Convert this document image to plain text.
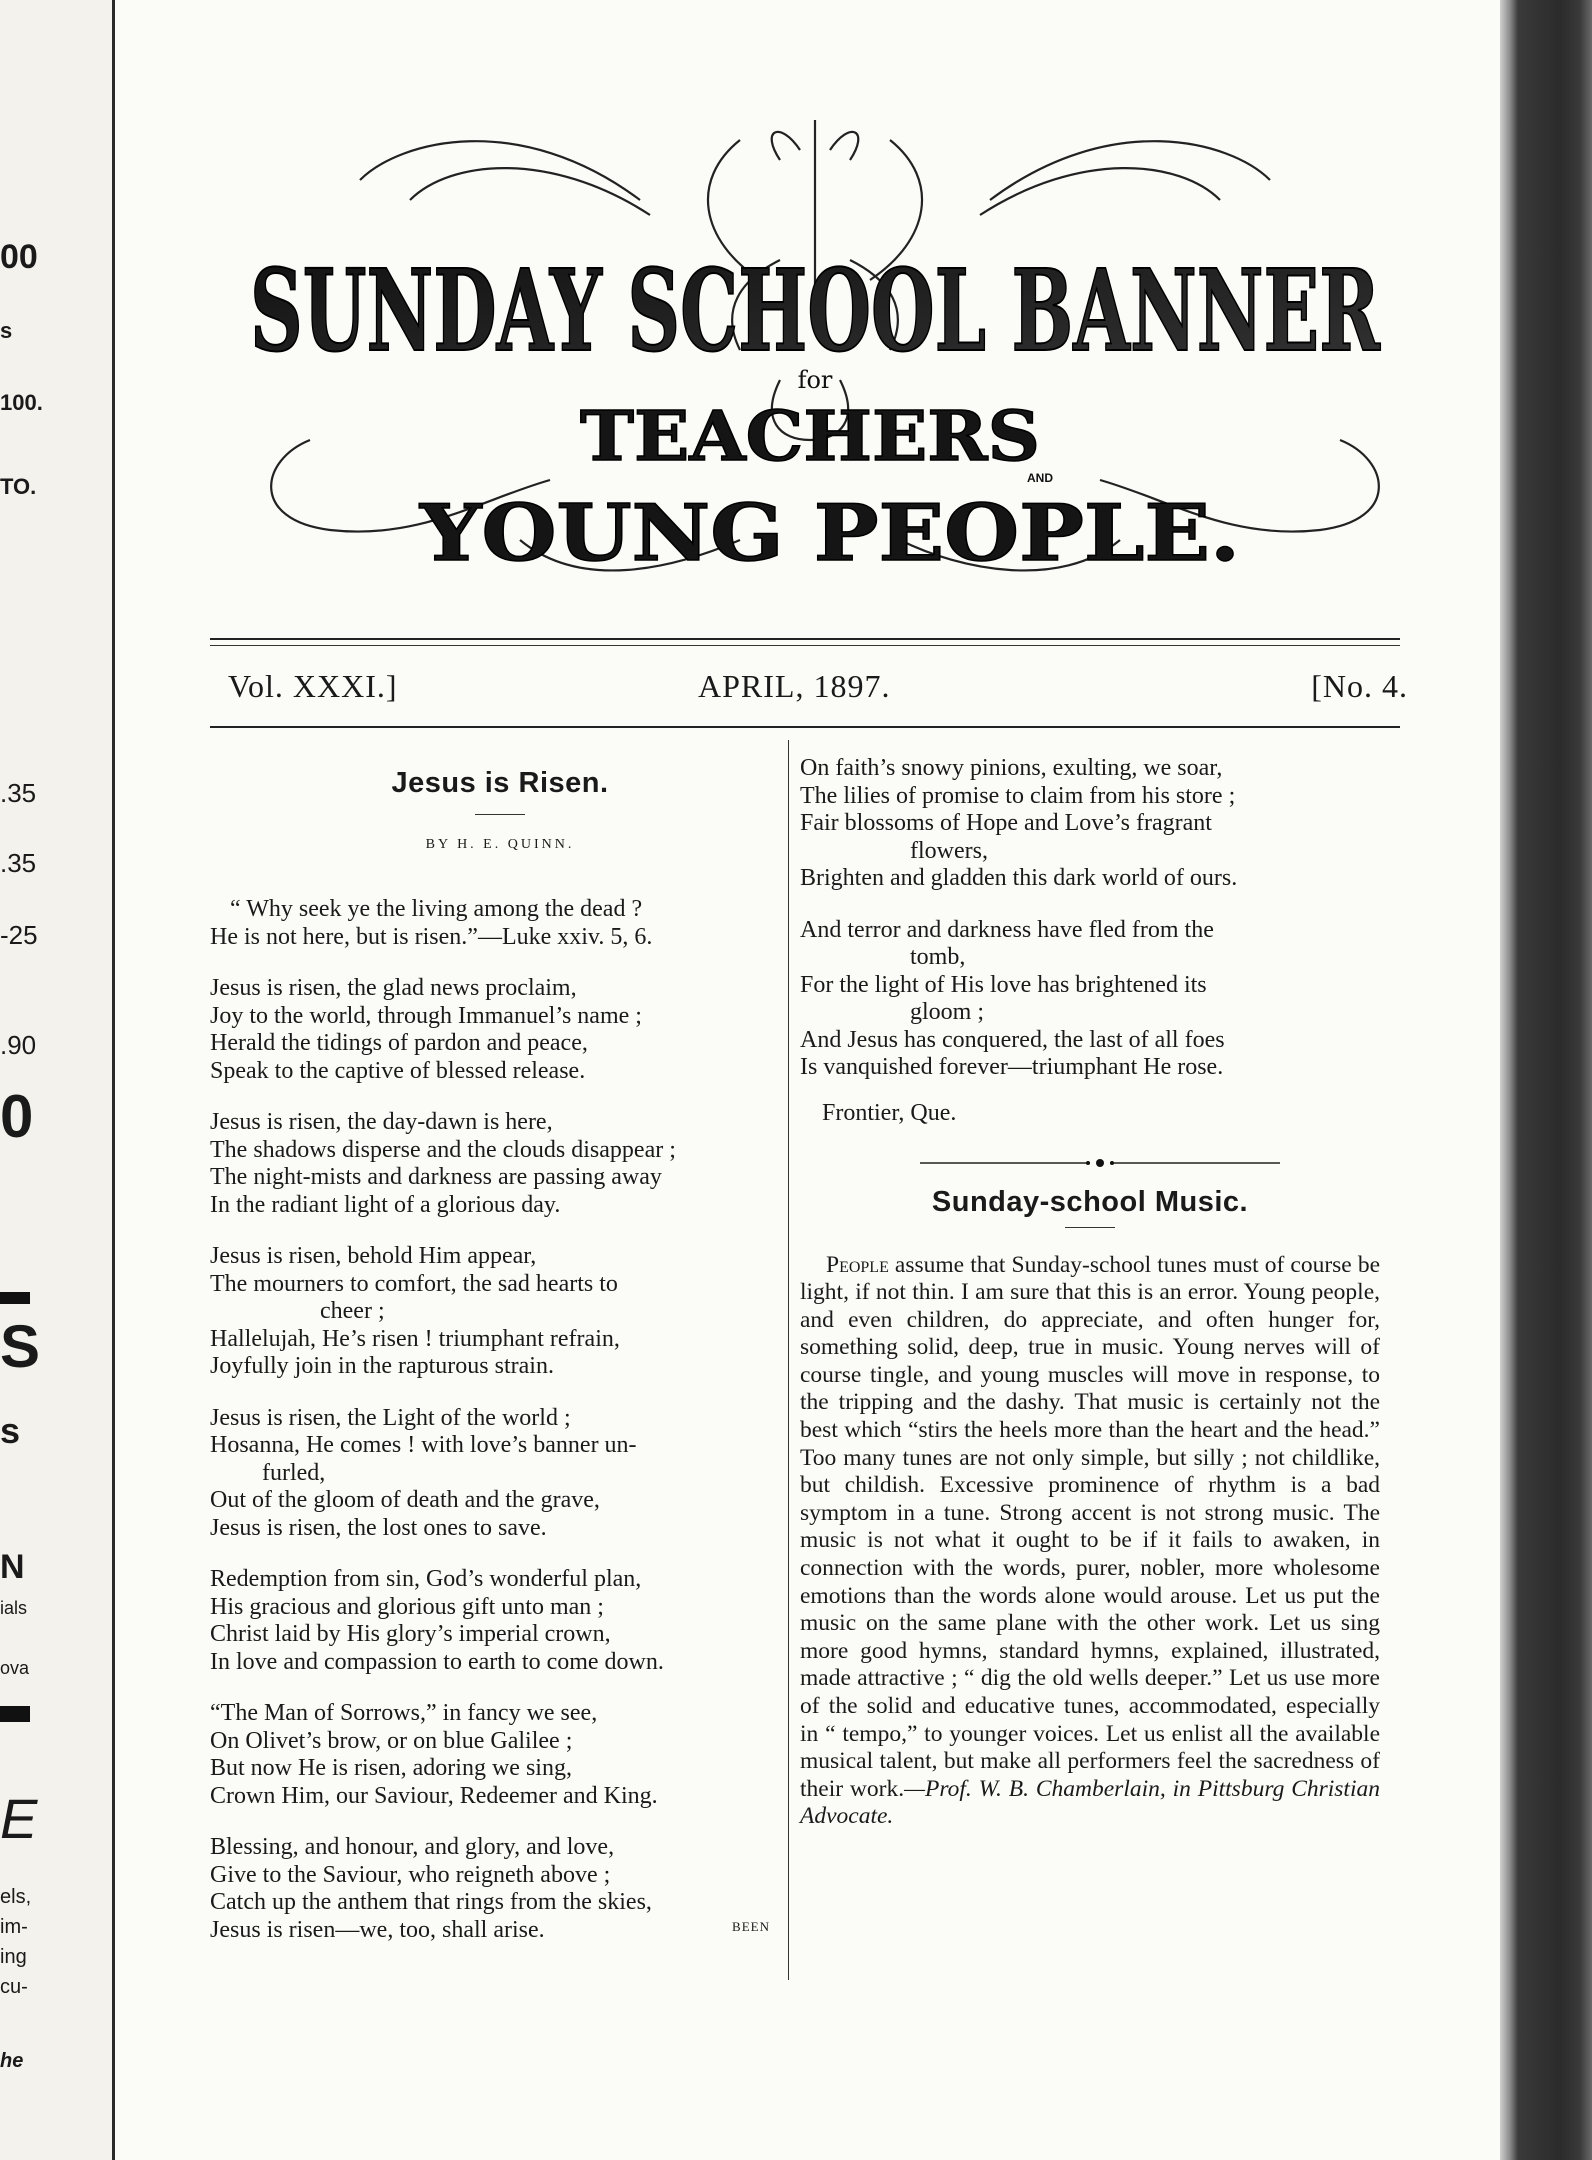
00
s
100.
TO.
.35
.35
-25
.90
0
S
s
N
ials
ova
E
els,
im-
ing
cu-
he
SUNDAY SCHOOL BANNER
for
TEACHERS
AND
YOUNG PEOPLE.
Vol. XXXI.]	APRIL, 1897.	[No. 4.
Jesus is Risen.
BY H. E. QUINN.
“ Why seek ye the living among the dead ?
He is not here, but is risen.”—Luke xxiv. 5, 6.
Jesus is risen, the glad news proclaim,
Joy to the world, through Immanuel’s name ;
Herald the tidings of pardon and peace,
Speak to the captive of blessed release.
Jesus is risen, the day-dawn is here,
The shadows disperse and the clouds disappear ;
The night-mists and darkness are passing away
In the radiant light of a glorious day.
Jesus is risen, behold Him appear,
The mourners to comfort, the sad hearts to
cheer ;
Hallelujah, He’s risen ! triumphant refrain,
Joyfully join in the rapturous strain.
Jesus is risen, the Light of the world ;
Hosanna, He comes ! with love’s banner un-
furled,
Out of the gloom of death and the grave,
Jesus is risen, the lost ones to save.
Redemption from sin, God’s wonderful plan,
His gracious and glorious gift unto man ;
Christ laid by His glory’s imperial crown,
In love and compassion to earth to come down.
“The Man of Sorrows,” in fancy we see,
On Olivet’s brow, or on blue Galilee ;
But now He is risen, adoring we sing,
Crown Him, our Saviour, Redeemer and King.
Blessing, and honour, and glory, and love,
Give to the Saviour, who reigneth above ;
Catch up the anthem that rings from the skies,
Jesus is risen—we, too, shall arise.	BEEN
On faith’s snowy pinions, exulting, we soar,
The lilies of promise to claim from his store ;
Fair blossoms of Hope and Love’s fragrant
flowers,
Brighten and gladden this dark world of ours.
And terror and darkness have fled from the
tomb,
For the light of His love has brightened its
gloom ;
And Jesus has conquered, the last of all foes
Is vanquished forever—triumphant He rose.
Frontier, Que.
Sunday-school Music.
People assume that Sunday-school tunes must of course be light, if not thin. I am sure that this is an error. Young people, and even children, do appreciate, and often hunger for, something solid, deep, true in music. Young nerves will of course tingle, and young muscles will move in response, to the tripping and the dashy. That music is certainly not the best which “stirs the heels more than the heart and the head.” Too many tunes are not only simple, but silly ; not childlike, but childish. Excessive prominence of rhythm is a bad symptom in a tune. Strong accent is not strong music. The music is not what it ought to be if it fails to awaken, in connection with the words, purer, nobler, more wholesome emotions than the words alone would arouse. Let us put the music on the same plane with the other work. Let us sing more good hymns, standard hymns, explained, illustrated, made attractive ; “ dig the old wells deeper.” Let us use more of the solid and educative tunes, accommodated, especially in “ tempo,” to younger voices. Let us enlist all the available musical talent, but make all performers feel the sacredness of their work.—Prof. W. B. Chamberlain, in Pittsburg Christian Advocate.
